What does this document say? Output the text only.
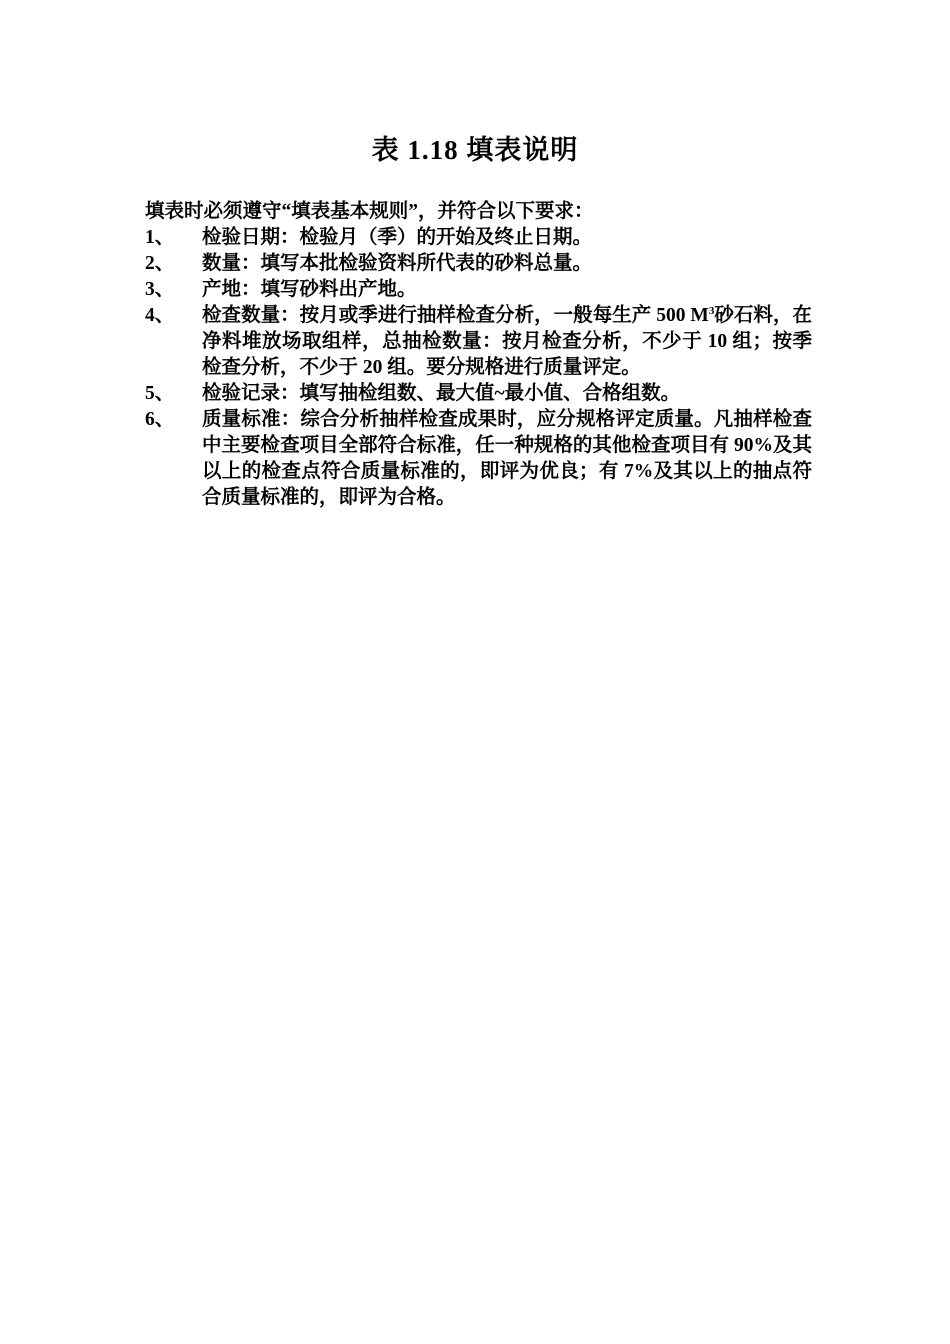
表 1.18 填表说明

填表时必须遵守“填表基本规则”，并符合以下要求：

1、	检验日期：检验月（季）的开始及终止日期。
2、	数量：填写本批检验资料所代表的砂料总量。
3、	产地：填写砂料出产地。
4、	检查数量：按月或季进行抽样检查分析，一般每生产 500 $M^3$砂石料，在净料堆放场取组样，总抽检数量：按月检查分析，不少于 10 组；按季检查分析，不少于 20 组。要分规格进行质量评定。
5、	检验记录：填写抽检组数、最大值~最小值、合格组数。
6、	质量标准：综合分析抽样检查成果时，应分规格评定质量。凡抽样检查中主要检查项目全部符合标准，任一种规格的其他检查项目有 90%及其以上的检查点符合质量标准的，即评为优良；有 7%及其以上的抽点符合质量标准的，即评为合格。
